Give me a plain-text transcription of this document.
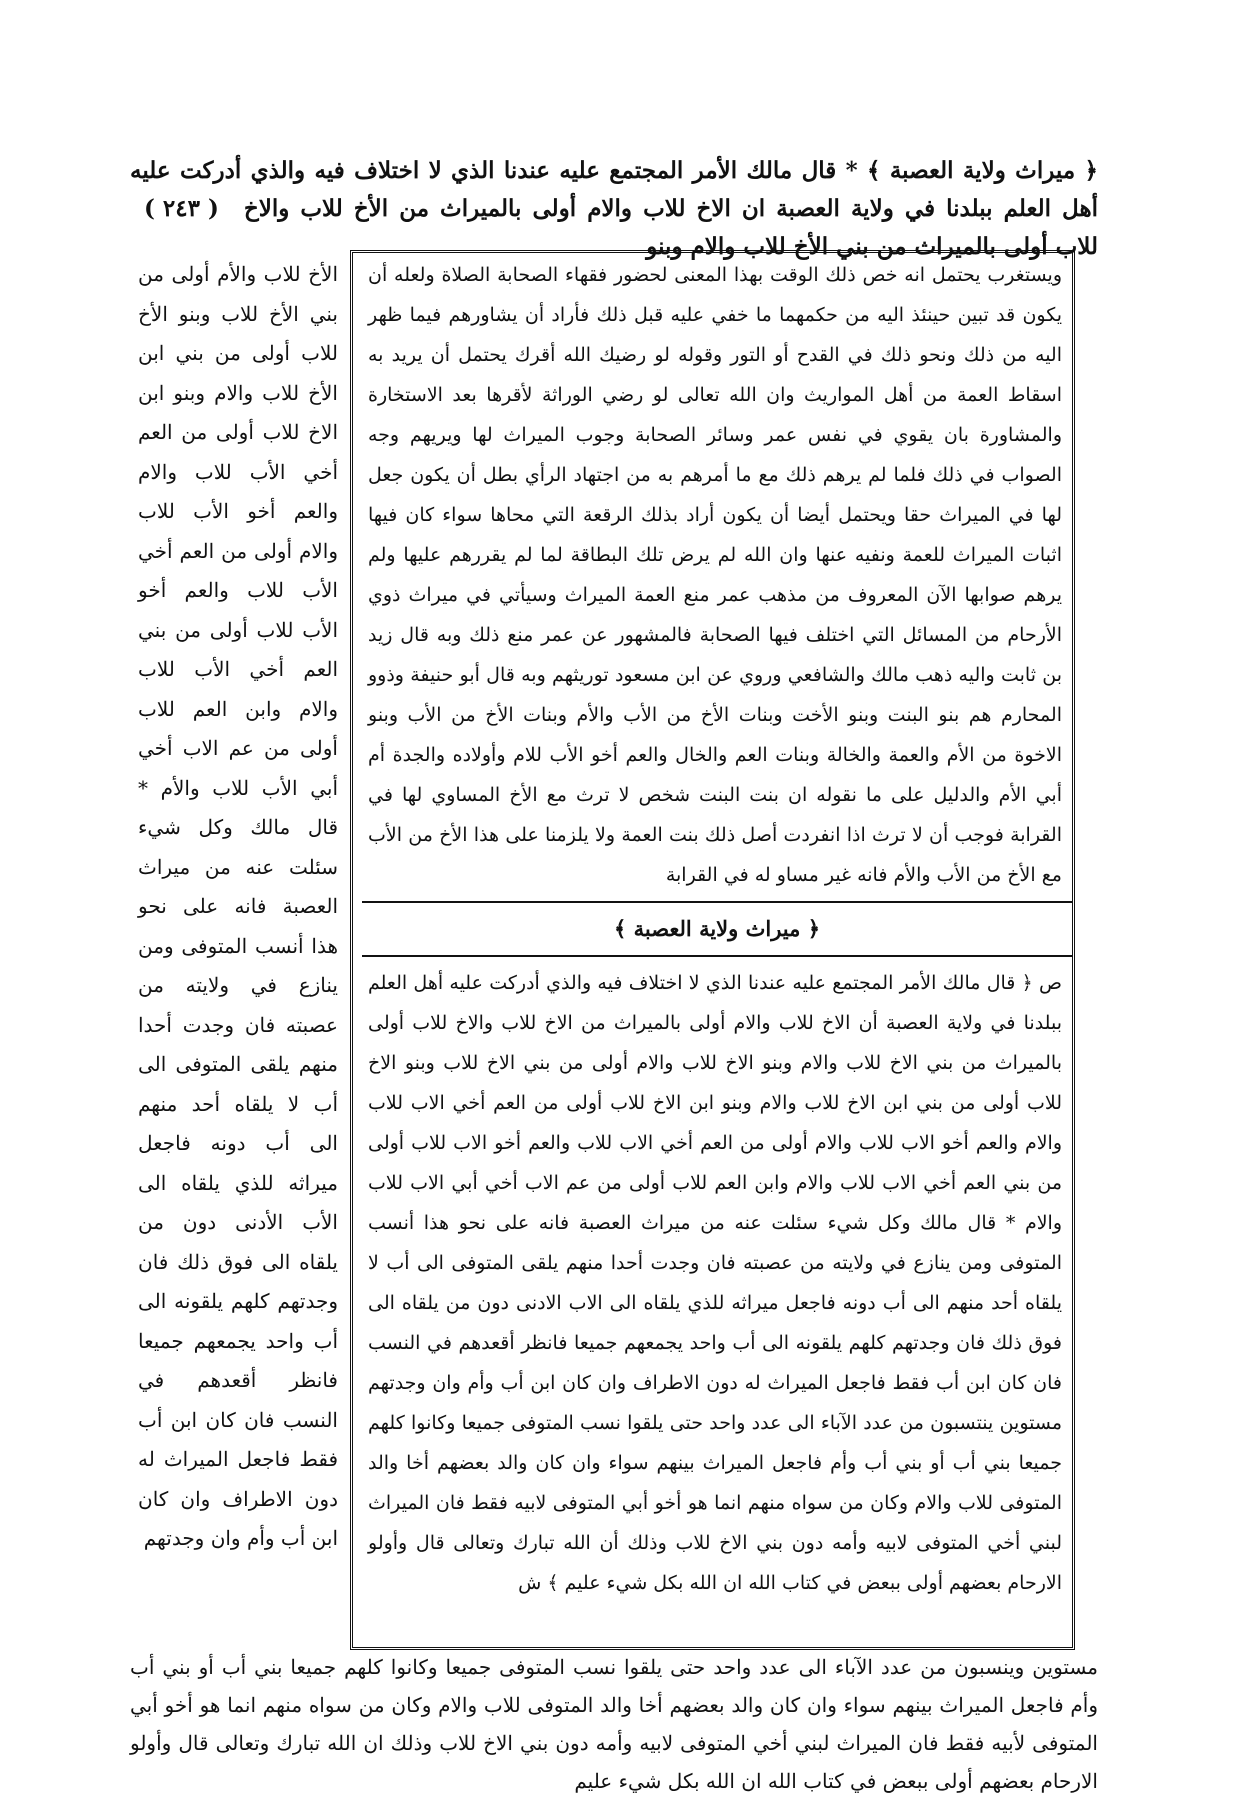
﴿ ميراث ولاية العصبة ﴾ * قال مالك الأمر المجتمع عليه عندنا الذي لا اختلاف فيه والذي أدركت عليه أهل العلم ببلدنا في ولاية العصبة ان الاخ للاب والام أولى بالميراث من الأخ للاب والاخ ( ٢٤٣ ) للاب أولى بالميراث من بني الأخ للاب والام وبنو
ويستغرب يحتمل انه خص ذلك الوقت بهذا المعنى لحضور فقهاء الصحابة الصلاة ولعله أن يكون قد تبين حينئذ اليه من حكمهما ما خفي عليه قبل ذلك فأراد أن يشاورهم فيما ظهر اليه من ذلك ونحو ذلك في القدح أو التور وقوله لو رضيك الله أقرك يحتمل أن يريد به اسقاط العمة من أهل المواريث وان الله تعالى لو رضي الوراثة لأقرها بعد الاستخارة والمشاورة بان يقوي في نفس عمر وسائر الصحابة وجوب الميراث لها ويريهم وجه الصواب في ذلك فلما لم يرهم ذلك مع ما أمرهم به من اجتهاد الرأي بطل أن يكون جعل لها في الميراث حقا ويحتمل أيضا أن يكون أراد بذلك الرقعة التي محاها سواء كان فيها اثبات الميراث للعمة ونفيه عنها وان الله لم يرض تلك البطاقة لما لم يقررهم عليها ولم يرهم صوابها الآن المعروف من مذهب عمر منع العمة الميراث وسيأتي في ميراث ذوي الأرحام من المسائل التي اختلف فيها الصحابة فالمشهور عن عمر منع ذلك وبه قال زيد بن ثابت واليه ذهب مالك والشافعي وروي عن ابن مسعود توريثهم وبه قال أبو حنيفة وذوو المحارم هم بنو البنت وبنو الأخت وبنات الأخ من الأب والأم وبنات الأخ من الأب وبنو الاخوة من الأم والعمة والخالة وبنات العم والخال والعم أخو الأب للام وأولاده والجدة أم أبي الأم والدليل على ما نقوله ان بنت البنت شخص لا ترث مع الأخ المساوي لها في القرابة فوجب أن لا ترث اذا انفردت أصل ذلك بنت العمة ولا يلزمنا على هذا الأخ من الأب مع الأخ من الأب والأم فانه غير مساو له في القرابة
﴿ ميراث ولاية العصبة ﴾
ص ﴿ قال مالك الأمر المجتمع عليه عندنا الذي لا اختلاف فيه والذي أدركت عليه أهل العلم ببلدنا في ولاية العصبة أن الاخ للاب والام أولى بالميراث من الاخ للاب والاخ للاب أولى بالميراث من بني الاخ للاب والام وبنو الاخ للاب والام أولى من بني الاخ للاب وبنو الاخ للاب أولى من بني ابن الاخ للاب والام وبنو ابن الاخ للاب أولى من العم أخي الاب للاب والام والعم أخو الاب للاب والام أولى من العم أخي الاب للاب والعم أخو الاب للاب أولى من بني العم أخي الاب للاب والام وابن العم للاب أولى من عم الاب أخي أبي الاب للاب والام * قال مالك وكل شيء سئلت عنه من ميراث العصبة فانه على نحو هذا أنسب المتوفى ومن ينازع في ولايته من عصبته فان وجدت أحدا منهم يلقى المتوفى الى أب لا يلقاه أحد منهم الى أب دونه فاجعل ميراثه للذي يلقاه الى الاب الادنى دون من يلقاه الى فوق ذلك فان وجدتهم كلهم يلقونه الى أب واحد يجمعهم جميعا فانظر أقعدهم في النسب فان كان ابن أب فقط فاجعل الميراث له دون الاطراف وان كان ابن أب وأم وان وجدتهم مستوين ينتسبون من عدد الآباء الى عدد واحد حتى يلقوا نسب المتوفى جميعا وكانوا كلهم جميعا بني أب أو بني أب وأم فاجعل الميراث بينهم سواء وان كان والد بعضهم أخا والد المتوفى للاب والام وكان من سواه منهم انما هو أخو أبي المتوفى لابيه فقط فان الميراث لبني أخي المتوفى لابيه وأمه دون بني الاخ للاب وذلك أن الله تبارك وتعالى قال وأولو الارحام بعضهم أولى ببعض في كتاب الله ان الله بكل شيء عليم ﴾ ش
الأخ للاب والأم أولى من بني الأخ للاب وبنو الأخ للاب أولى من بني ابن الأخ للاب والام وبنو ابن الاخ للاب أولى من العم أخي الأب للاب والام والعم أخو الأب للاب والام أولى من العم أخي الأب للاب والعم أخو الأب للاب أولى من بني العم أخي الأب للاب والام وابن العم للاب أولى من عم الاب أخي أبي الأب للاب والأم * قال مالك وكل شيء سئلت عنه من ميراث العصبة فانه على نحو هذا أنسب المتوفى ومن ينازع في ولايته من عصبته فان وجدت أحدا منهم يلقى المتوفى الى أب لا يلقاه أحد منهم الى أب دونه فاجعل ميراثه للذي يلقاه الى الأب الأدنى دون من يلقاه الى فوق ذلك فان وجدتهم كلهم يلقونه الى أب واحد يجمعهم جميعا فانظر أقعدهم في النسب فان كان ابن أب فقط فاجعل الميراث له دون الاطراف وان كان ابن أب وأم وان وجدتهم
مستوين وينسبون من عدد الآباء الى عدد واحد حتى يلقوا نسب المتوفى جميعا وكانوا كلهم جميعا بني أب أو بني أب وأم فاجعل الميراث بينهم سواء وان كان والد بعضهم أخا والد المتوفى للاب والام وكان من سواه منهم انما هو أخو أبي المتوفى لأبيه فقط فان الميراث لبني أخي المتوفى لابيه وأمه دون بني الاخ للاب وذلك ان الله تبارك وتعالى قال وأولو الارحام بعضهم أولى ببعض في كتاب الله ان الله بكل شيء عليم
